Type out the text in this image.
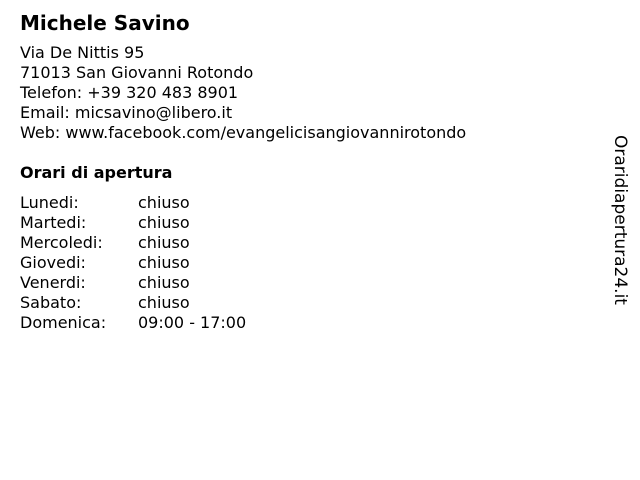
Michele Savino
Via De Nittis 95
71013 San Giovanni Rotondo
Telefon: +39 320 483 8901
Email: micsavino@libero.it
Web: www.facebook.com/evangelicisangiovannirotondo
Orari di apertura
Lunedi:	chiuso
Martedi:	chiuso
Mercoledi:	chiuso
Giovedi:	chiuso
Venerdi:	chiuso
Sabato:	chiuso
Domenica:	09:00 - 17:00
Oraridiapertura24.it
